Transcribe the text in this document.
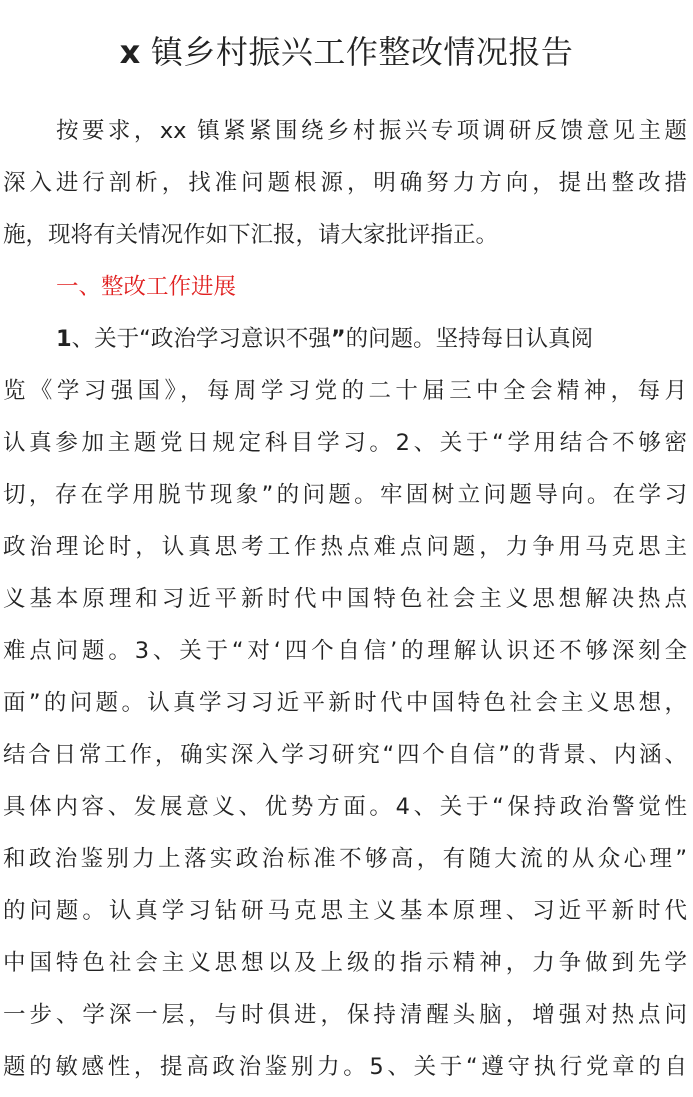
x 镇乡村振兴工作整改情况报告
按要求，xx 镇紧紧围绕乡村振兴专项调研反馈意见主题
深入进行剖析，找准问题根源，明确努力方向，提出整改措
施，现将有关情况作如下汇报，请大家批评指正。
一、整改工作进展
1、关于“政治学习意识不强”的问题。坚持每日认真阅
览《学习强国》，每周学习党的二十届三中全会精神，每月
认真参加主题党日规定科目学习。2、关于“学用结合不够密
切，存在学用脱节现象”的问题。牢固树立问题导向。在学习
政治理论时，认真思考工作热点难点问题，力争用马克思主
义基本原理和习近平新时代中国特色社会主义思想解决热点
难点问题。3、关于“对‘四个自信’的理解认识还不够深刻全
面”的问题。认真学习习近平新时代中国特色社会主义思想，
结合日常工作，确实深入学习研究“四个自信”的背景、内涵、
具体内容、发展意义、优势方面。4、关于“保持政治警觉性
和政治鉴别力上落实政治标准不够高，有随大流的从众心理”
的问题。认真学习钻研马克思主义基本原理、习近平新时代
中国特色社会主义思想以及上级的指示精神，力争做到先学
一步、学深一层，与时俱进，保持清醒头脑，增强对热点问
题的敏感性，提高政治鉴别力。5、关于“遵守执行党章的自
